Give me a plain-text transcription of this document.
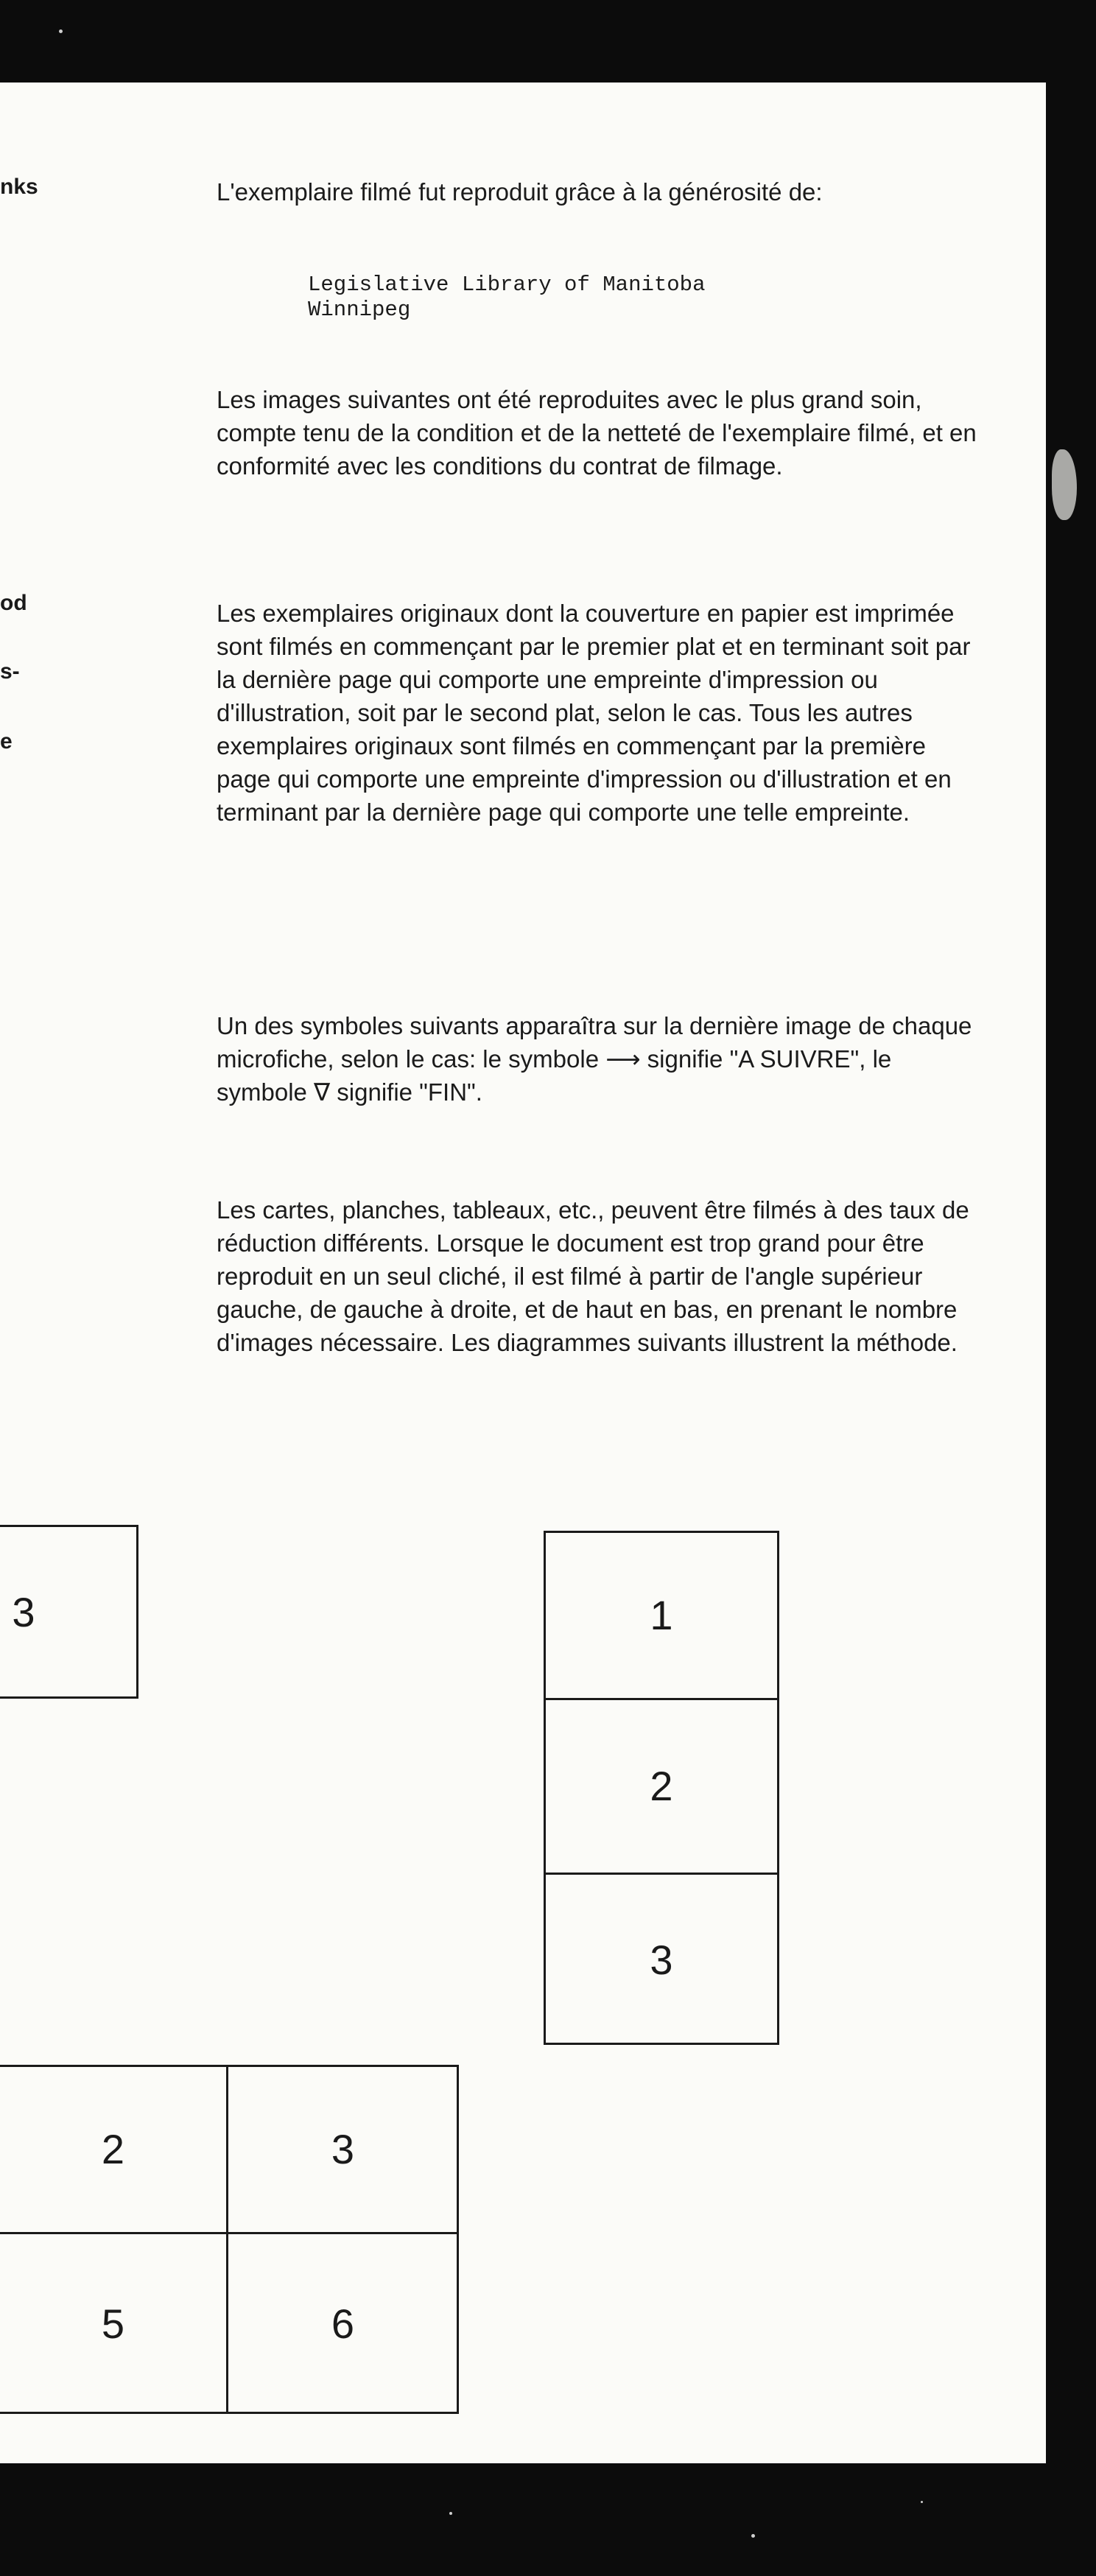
nks
od
s-
e

L'exemplaire filmé fut reproduit grâce à la générosité de:

Legislative Library of Manitoba

Winnipeg

Les images suivantes ont été reproduites avec le plus grand soin, compte tenu de la condition et de la netteté de l'exemplaire filmé, et en conformité avec les conditions du contrat de filmage.

Les exemplaires originaux dont la couverture en papier est imprimée sont filmés en commençant par le premier plat et en terminant soit par la dernière page qui comporte une empreinte d'impression ou d'illustration, soit par le second plat, selon le cas. Tous les autres exemplaires originaux sont filmés en commençant par la première page qui comporte une empreinte d'impression ou d'illustration et en terminant par la dernière page qui comporte une telle empreinte.

Un des symboles suivants apparaîtra sur la dernière image de chaque microfiche, selon le cas: le symbole ⟶ signifie "A SUIVRE", le symbole ∇ signifie "FIN".

Les cartes, planches, tableaux, etc., peuvent être filmés à des taux de réduction différents. Lorsque le document est trop grand pour être reproduit en un seul cliché, il est filmé à partir de l'angle supérieur gauche, de gauche à droite, et de haut en bas, en prenant le nombre d'images nécessaire. Les diagrammes suivants illustrent la méthode.

3	1
2
3
2	3
5	6
